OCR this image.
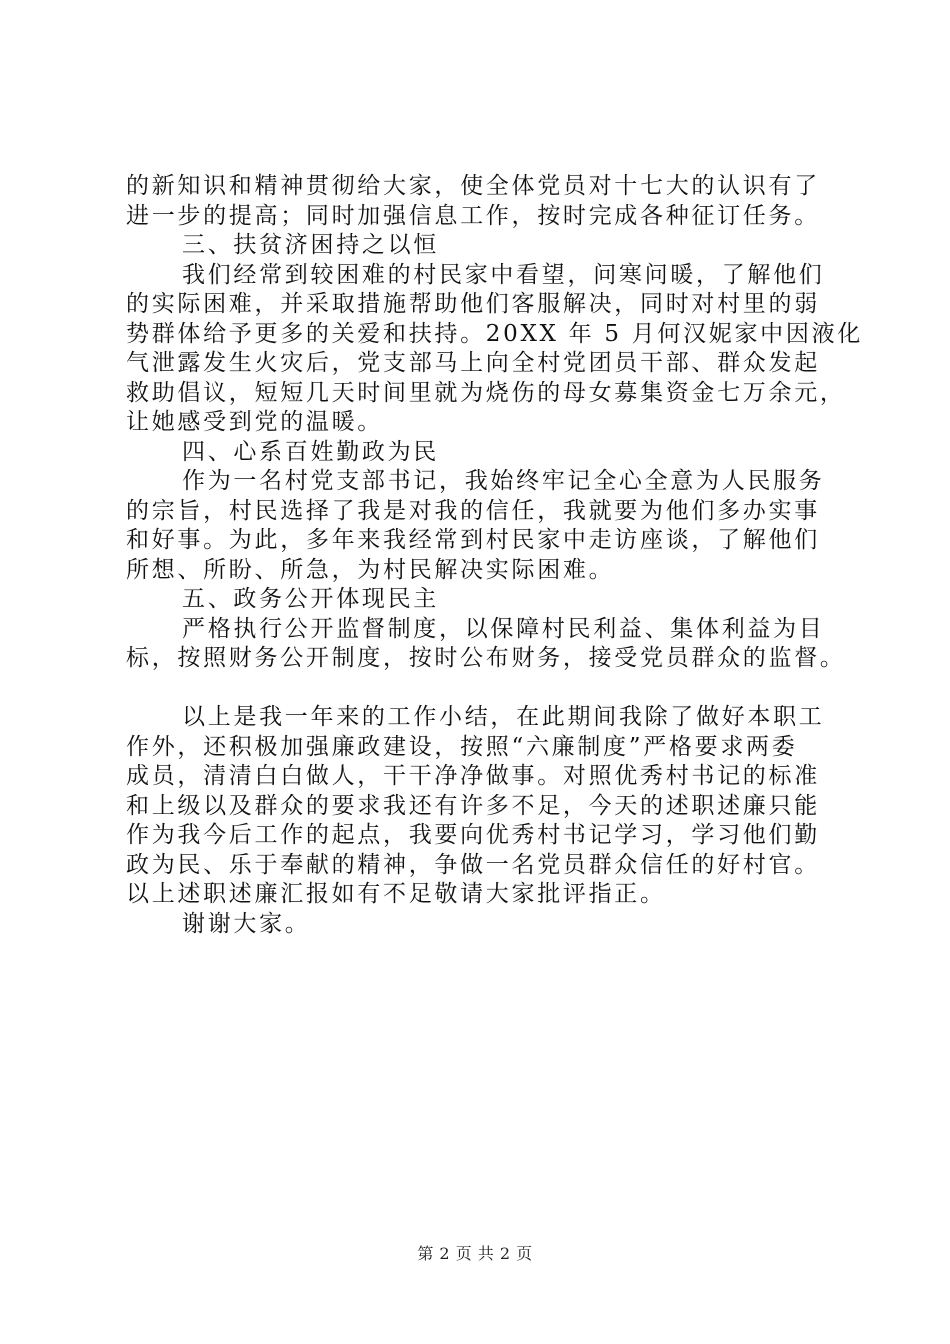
的新知识和精神贯彻给大家，使全体党员对十七大的认识有了
进一步的提高；同时加强信息工作，按时完成各种征订任务。
三、扶贫济困持之以恒
我们经常到较困难的村民家中看望，问寒问暖，了解他们
的实际困难，并采取措施帮助他们客服解决，同时对村里的弱
势群体给予更多的关爱和扶持。20XX 年 5 月何汉妮家中因液化
气泄露发生火灾后，党支部马上向全村党团员干部、群众发起
救助倡议，短短几天时间里就为烧伤的母女募集资金七万余元，
让她感受到党的温暖。
四、心系百姓勤政为民
作为一名村党支部书记，我始终牢记全心全意为人民服务
的宗旨，村民选择了我是对我的信任，我就要为他们多办实事
和好事。为此，多年来我经常到村民家中走访座谈，了解他们
所想、所盼、所急，为村民解决实际困难。
五、政务公开体现民主
严格执行公开监督制度，以保障村民利益、集体利益为目
标，按照财务公开制度，按时公布财务，接受党员群众的监督。
以上是我一年来的工作小结，在此期间我除了做好本职工
作外，还积极加强廉政建设，按照“六廉制度”严格要求两委
成员，清清白白做人，干干净净做事。对照优秀村书记的标准
和上级以及群众的要求我还有许多不足，今天的述职述廉只能
作为我今后工作的起点，我要向优秀村书记学习，学习他们勤
政为民、乐于奉献的精神，争做一名党员群众信任的好村官。
以上述职述廉汇报如有不足敬请大家批评指正。
谢谢大家。
第 2 页 共 2 页
